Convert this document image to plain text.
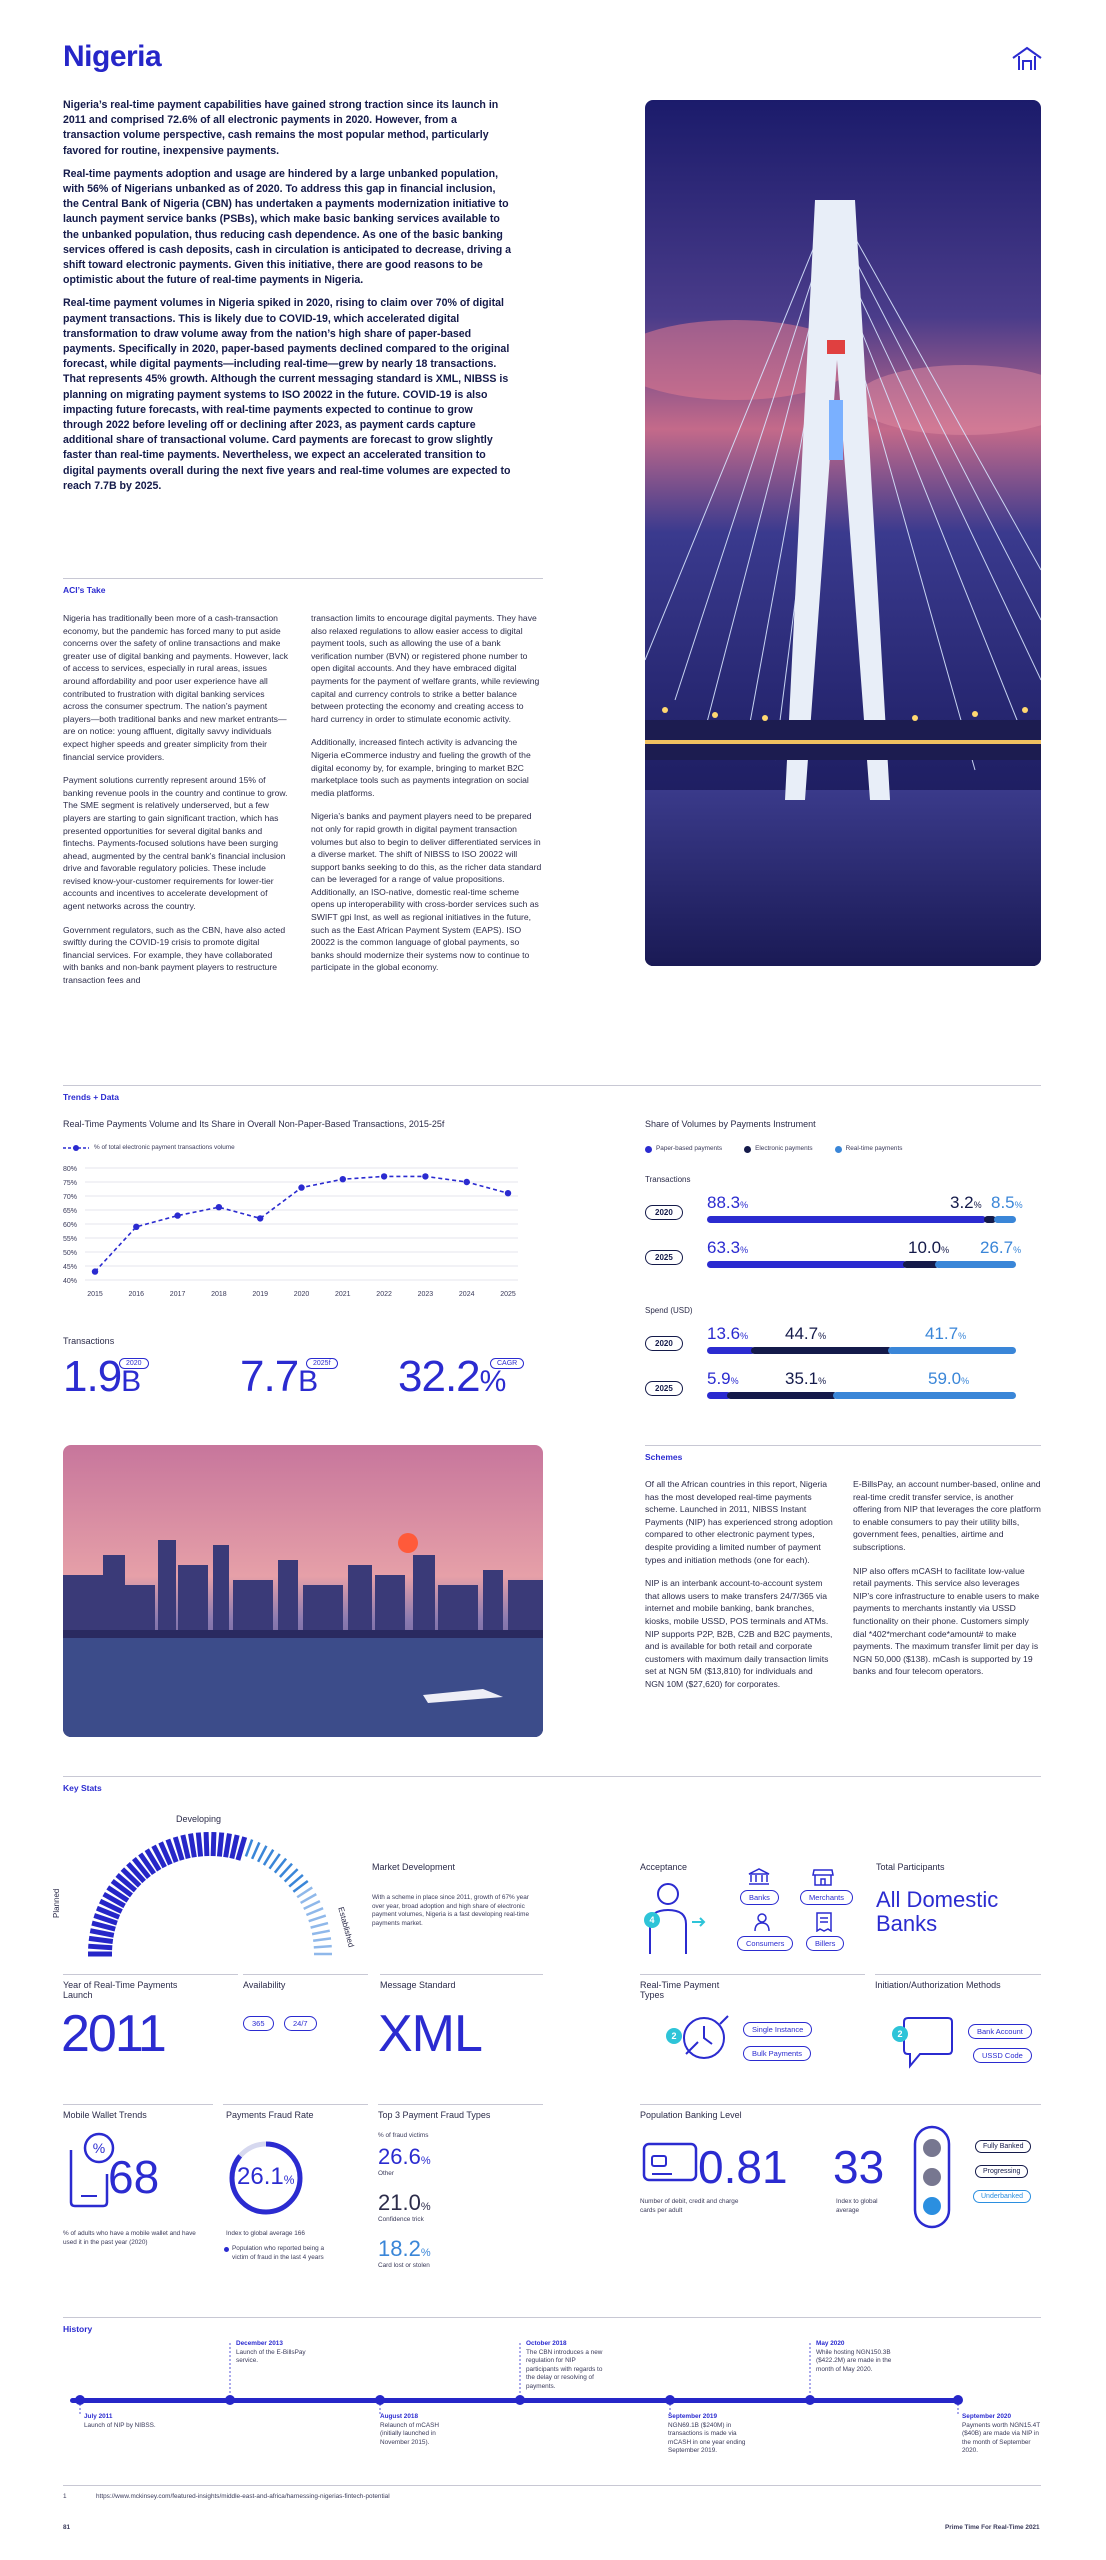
Nigeria

Nigeria’s real-time payment capabilities have gained strong traction since its launch in 2011 and comprised 72.6% of all electronic payments in 2020. However, from a transaction volume perspective, cash remains the most popular method, particularly favored for routine, inexpensive payments.

Real-time payments adoption and usage are hindered by a large unbanked population, with 56% of Nigerians unbanked as of 2020. To address this gap in financial inclusion, the Central Bank of Nigeria (CBN) has undertaken a payments modernization initiative to launch payment service banks (PSBs), which make basic banking services available to the unbanked population, thus reducing cash dependence. As one of the basic banking services offered is cash deposits, cash in circulation is anticipated to decrease, driving a shift toward electronic payments. Given this initiative, there are good reasons to be optimistic about the future of real-time payments in Nigeria.

Real-time payment volumes in Nigeria spiked in 2020, rising to claim over 70% of digital payment transactions. This is likely due to COVID-19, which accelerated digital transformation to draw volume away from the nation’s high share of paper-based payments. Specifically in 2020, paper-based payments declined compared to the original forecast, while digital payments—including real-time—grew by nearly 18 transactions. That represents 45% growth. Although the current messaging standard is XML, NIBSS is planning on migrating payment systems to ISO 20022 in the future. COVID-19 is also impacting future forecasts, with real-time payments expected to continue to grow through 2022 before leveling off or declining after 2023, as payment cards capture additional share of transactional volume. Card payments are forecast to grow slightly faster than real-time payments. Nevertheless, we expect an accelerated transition to digital payments overall during the next five years and real-time volumes are expected to reach 7.7B by 2025.

ACI’s Take

Nigeria has traditionally been more of a cash-transaction economy, but the pandemic has forced many to put aside concerns over the safety of online transactions and make greater use of digital banking and payments. However, lack of access to services, especially in rural areas, issues around affordability and poor user experience have all contributed to frustration with digital banking services across the consumer spectrum. The nation’s payment players—both traditional banks and new market entrants—are on notice: young affluent, digitally savvy individuals expect higher speeds and greater simplicity from their financial service providers.

Payment solutions currently represent around 15% of banking revenue pools in the country and continue to grow. The SME segment is relatively underserved, but a few players are starting to gain significant traction, which has presented opportunities for several digital banks and fintechs. Payments-focused solutions have been surging ahead, augmented by the central bank’s financial inclusion drive and favorable regulatory policies. These include revised know-your-customer requirements for lower-tier accounts and incentives to accelerate development of agent networks across the country.

Government regulators, such as the CBN, have also acted swiftly during the COVID-19 crisis to promote digital financial services. For example, they have collaborated with banks and non-bank payment players to restructure transaction fees and

transaction limits to encourage digital payments. They have also relaxed regulations to allow easier access to digital payment tools, such as allowing the use of a bank verification number (BVN) or registered phone number to open digital accounts. And they have embraced digital payments for the payment of welfare grants, while reviewing capital and currency controls to strike a better balance between protecting the economy and creating access to hard currency in order to stimulate economic activity.

Additionally, increased fintech activity is advancing the Nigeria eCommerce industry and fueling the growth of the digital economy by, for example, bringing to market B2C marketplace tools such as payments integration on social media platforms.

Nigeria’s banks and payment players need to be prepared not only for rapid growth in digital payment transaction volumes but also to begin to deliver differentiated services in a diverse market. The shift of NIBSS to ISO 20022 will support banks seeking to do this, as the richer data standard can be leveraged for a range of value propositions. Additionally, an ISO-native, domestic real-time scheme opens up interoperability with cross-border services such as SWIFT gpi Inst, as well as regional initiatives in the future, such as the East African Payment System (EAPS). ISO 20022 is the common language of global payments, so banks should modernize their systems now to continue to participate in the global economy.

Trends + Data
Real-Time Payments Volume and Its Share in Overall Non-Paper-Based Transactions, 2015-25f
% of total electronic payment transactions volume
80%
75%
70%
65%
60%
55%
50%
45%
40%
2015	2016	2017	2018	2019	2020	2021	2022	2023	2024	2025
Transactions
1.9B
2020 7.7B
2025f 32.2%
CAGR
Share of Volumes by Payments Instrument
Paper-based payments	Electronic payments	Real-time payments
Transactions
2020
88.3%	3.2% 8.5%
2025
63.3%	10.0% 26.7%
Spend (USD)
2020
13.6% 44.7%	41.7%
2025
5.9%	35.1%	59.0%
Schemes

Of all the African countries in this report, Nigeria has the most developed real-time payments scheme. Launched in 2011, NIBSS Instant Payments (NIP) has experienced strong adoption compared to other electronic payment types, despite providing a limited number of payment types and initiation methods (one for each).

NIP is an interbank account-to-account system that allows users to make transfers 24/7/365 via internet and mobile banking, bank branches, kiosks, mobile USSD, POS terminals and ATMs. NIP supports P2P, B2B, C2B and B2C payments, and is available for both retail and corporate customers with maximum daily transaction limits set at NGN 5M ($13,810) for individuals and NGN 10M ($27,620) for corporates.

E-BillsPay, an account number-based, online and real-time credit transfer service, is another offering from NIP that leverages the core platform to enable consumers to pay their utility bills, government fees, penalties, airtime and subscriptions.

NIP also offers mCASH to facilitate low-value retail payments. This service also leverages NIP’s core infrastructure to enable users to make payments to merchants instantly via USSD functionality on their phone. Customers simply dial *402*merchant code*amount# to make payments. The maximum transfer limit per day is NGN 50,000 ($138). mCash is supported by 19 banks and four telecom operators.

Key Stats
Developing
Planned
Established
Market Development
With a scheme in place since 2011, growth of 67% year over year, broad adoption and high share of electronic payment volumes, Nigeria is a fast developing real-time payments market.
Acceptance
4
Banks	Merchants
Consumers	Billers
Total Participants
All Domestic Banks
Year of Real-Time Payments Launch
2011
Availability
365	24/7
Message Standard
XML
Real-Time Payment Types
2
Single Instance
Bulk Payments
Initiation/Authorization Methods
2	Bank Account
USSD Code
Mobile Wallet Trends
%
68
% of adults who have a mobile wallet and have used it in the past year (2020)
Payments Fraud Rate
26.1%
Index to global average 166
Population who reported being a victim of fraud in the last 4 years
Top 3 Payment Fraud Types
% of fraud victims
26.6%
Other
21.0%
Confidence trick
18.2%
Card lost or stolen
Population Banking Level
0.81
Number of debit, credit and charge cards per adult
33
Index to global average
Fully Banked
Progressing
Underbanked
History
December 2013
Launch of the E-BillsPay service.
October 2018
The CBN introduces a new regulation for NIP participants with regards to the delay or resolving of payments.
May 2020
While hosting NGN150.3B ($422.2M) are made in the month of May 2020.
July 2011
Launch of NIP by NIBSS.
August 2018
Relaunch of mCASH (initially launched in November 2015).
September 2019
NGN69.1B ($240M) in transactions is made via mCASH in one year ending September 2019.
September 2020
Payments worth NGN15.4T ($40B) are made via NIP in the month of September 2020.
1	https://www.mckinsey.com/featured-insights/middle-east-and-africa/harnessing-nigerias-fintech-potential
81	Prime Time For Real-Time 2021
